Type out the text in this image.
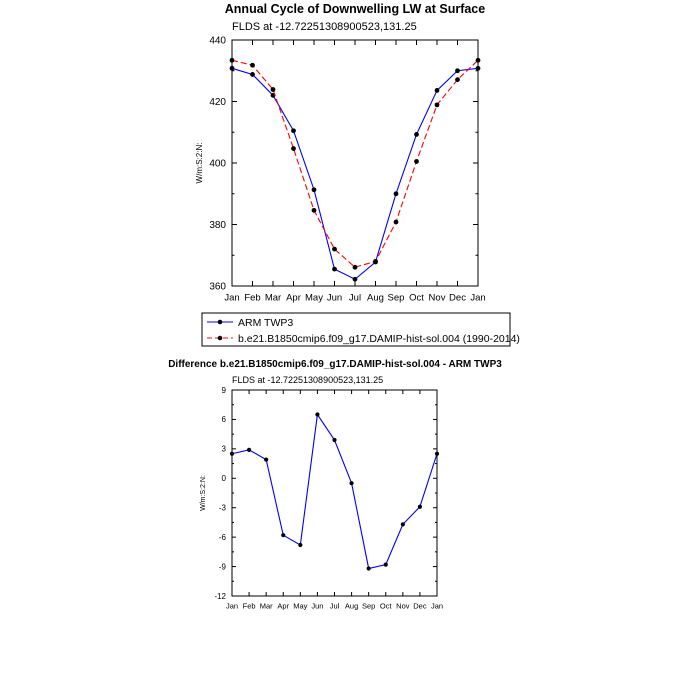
Annual Cycle of Downwelling LW at Surface
FLDS at -12.72251308900523,131.25
W/m:S:2:N:
Jan Feb Mar Apr May Jun Jul Aug Sep Oct Nov Dec Jan
360
380
400
420
440
ARM TWP3
b.e21.B1850cmip6.f09_g17.DAMIP-hist-sol.004 (1990-2014)
Difference b.e21.B1850cmip6.f09_g17.DAMIP-hist-sol.004 - ARM TWP3
FLDS at -12.72251308900523,131.25
W/m:S:2:N:
Jan Feb Mar Apr May Jun Jul Aug Sep Oct Nov Dec Jan
-12
-9
-6
-3
0
3
6
9
